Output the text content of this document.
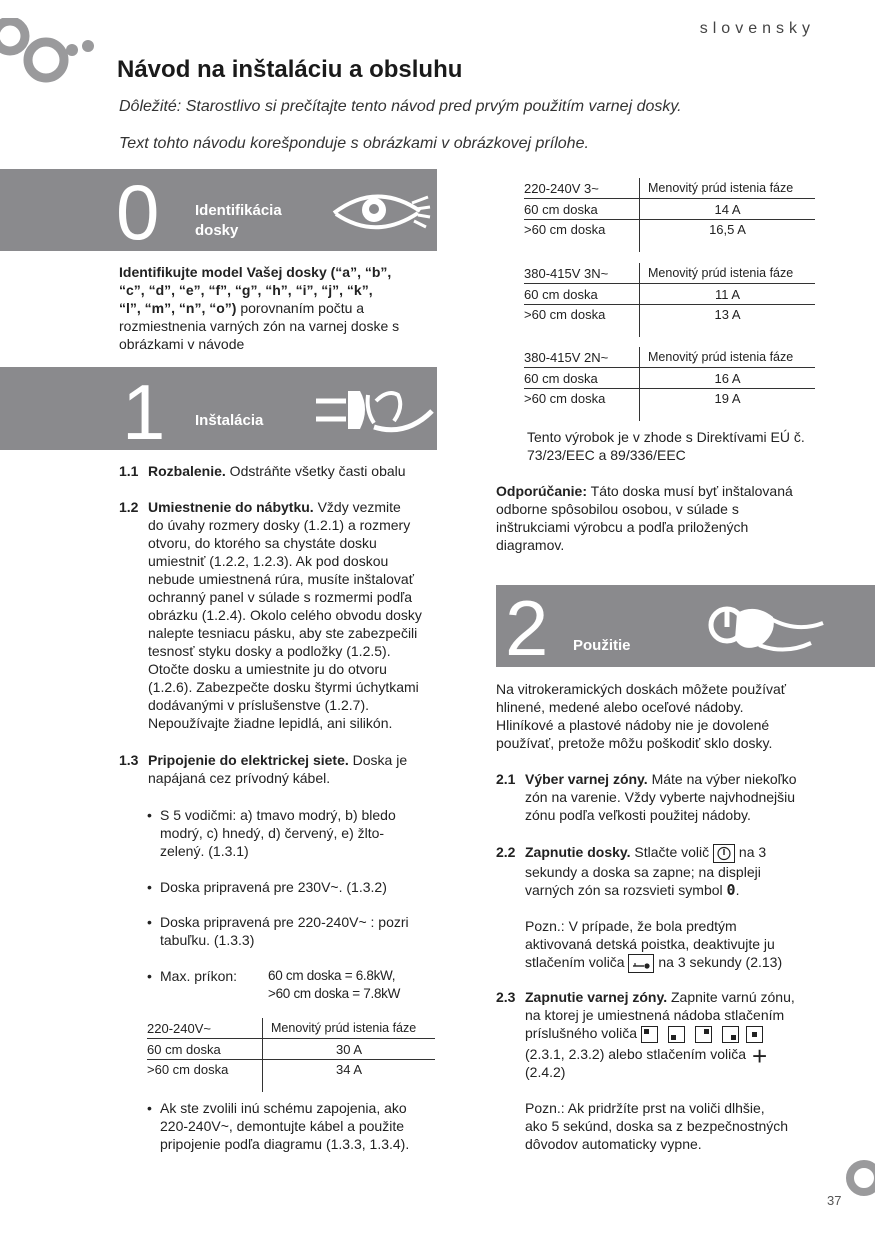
slovensky
Návod na inštaláciu a obsluhu
Dôležité: Starostlivo si prečítajte tento návod pred prvým použitím varnej dosky.
Text tohto návodu korešponduje s obrázkami v obrázkovej prílohe.
0 Identifikácia
dosky
Identifikujte model Vašej dosky (“a”, “b”,
“c”, “d”, “e”, “f”, “g”, “h”, “i”, “j”, “k”,
“l”, “m”, “n”, “o”) porovnaním počtu a
rozmiestnenia varných zón na varnej doske s
obrázkami v návode
1 Inštalácia
1.1 Rozbalenie. Odstráňte všetky časti obalu
1.2 Umiestnenie do nábytku. Vždy vezmite
do úvahy rozmery dosky (1.2.1) a rozmery
otvoru, do ktorého sa chystáte dosku
umiestniť (1.2.2, 1.2.3). Ak pod doskou
nebude umiestnená rúra, musíte inštalovať
ochranný panel v súlade s rozmermi podľa
obrázku (1.2.4). Okolo celého obvodu dosky
nalepte tesniacu pásku, aby ste zabezpečili
tesnosť styku dosky a podložky (1.2.5).
Otočte dosku a umiestnite ju do otvoru
(1.2.6). Zabezpečte dosku štyrmi úchytkami
dodávanými v príslušenstve (1.2.7).
Nepoužívajte žiadne lepidlá, ani silikón.
1.3 Pripojenie do elektrickej siete. Doska je
napájaná cez prívodný kábel.
• S 5 vodičmi: a) tmavo modrý, b) bledo
modrý, c) hnedý, d) červený, e) žlto-
zelený. (1.3.1)
• Doska pripravená pre 230V~. (1.3.2)
• Doska pripravená pre 220-240V~ : pozri
tabuľku. (1.3.3)
• Max. príkon: 60 cm doska = 6.8kW,
>60 cm doska = 7.8kW
220-240V~	Menovitý prúd istenia fáze
60 cm doska	30 A
>60 cm doska	34 A
• Ak ste zvolili inú schému zapojenia, ako
220-240V~, demontujte kábel a použite
pripojenie podľa diagramu (1.3.3, 1.3.4).
220-240V 3~	Menovitý prúd istenia fáze
60 cm doska	14 A
>60 cm doska	16,5 A
380-415V 3N~	Menovitý prúd istenia fáze
60 cm doska	11 A
>60 cm doska	13 A
380-415V 2N~	Menovitý prúd istenia fáze
60 cm doska	16 A
>60 cm doska	19 A
Tento výrobok je v zhode s Direktívami EÚ č.
73/23/EEC a 89/336/EEC
Odporúčanie: Táto doska musí byť inštalovaná
odborne spôsobilou osobou, v súlade s
inštrukciami výrobcu a podľa priložených
diagramov.
2 Použitie
Na vitrokeramických doskách môžete používať
hlinené, medené alebo oceľové nádoby.
Hliníkové a plastové nádoby nie je dovolené
používať, pretože môžu poškodiť sklo dosky.
2.1 Výber varnej zóny. Máte na výber niekoľko
zón na varenie. Vždy vyberte najvhodnejšiu
zónu podľa veľkosti použitej nádoby.
2.2 Zapnutie dosky. Stlačte volič
na 3
sekundy a doska sa zapne; na displeji
varných zón sa rozsvieti symbol 0.
Pozn.: V prípade, že bola predtým
aktivovaná detská poistka, deaktivujte ju
stlačením voliča
na 3 sekundy (2.13)
2.3 Zapnutie varnej zóny. Zapnite varnú zónu,
na ktorej je umiestnená nádoba stlačením
príslušného voliča

(2.3.1, 2.3.2) alebo stlačením voliča +
(2.4.2)
Pozn.: Ak pridržíte prst na voliči dlhšie,
ako 5 sekúnd, doska sa z bezpečnostných
dôvodov automaticky vypne.
37
